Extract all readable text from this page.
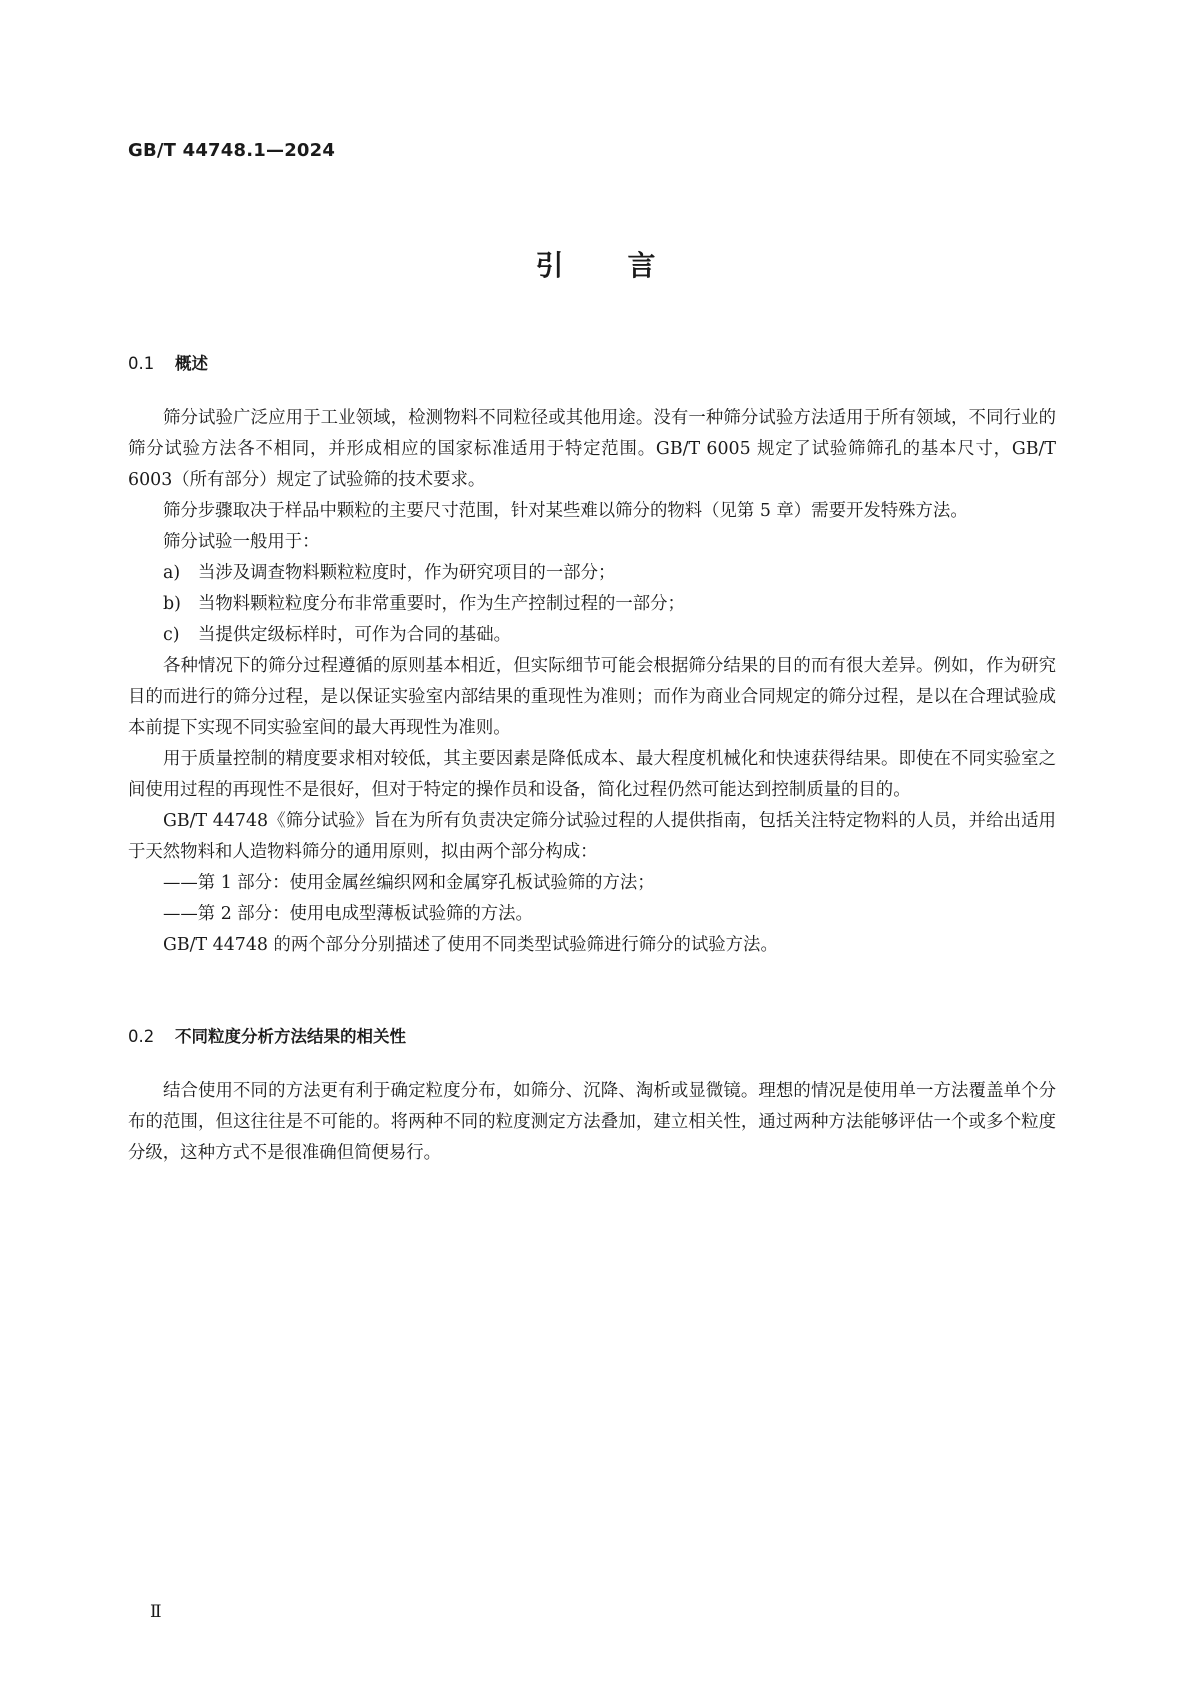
GB/T 44748.1—2024
引言
0.1 概述

筛分试验广泛应用于工业领域，检测物料不同粒径或其他用途。没有一种筛分试验方法适用于所有领域，不同行业的筛分试验方法各不相同，并形成相应的国家标准适用于特定范围。GB/T 6005 规定了试验筛筛孔的基本尺寸，GB/T 6003（所有部分）规定了试验筛的技术要求。

筛分步骤取决于样品中颗粒的主要尺寸范围，针对某些难以筛分的物料（见第 5 章）需要开发特殊方法。

筛分试验一般用于：

a) 当涉及调查物料颗粒粒度时，作为研究项目的一部分；
b) 当物料颗粒粒度分布非常重要时，作为生产控制过程的一部分；
c) 当提供定级标样时，可作为合同的基础。

各种情况下的筛分过程遵循的原则基本相近，但实际细节可能会根据筛分结果的目的而有很大差异。例如，作为研究目的而进行的筛分过程，是以保证实验室内部结果的重现性为准则；而作为商业合同规定的筛分过程，是以在合理试验成本前提下实现不同实验室间的最大再现性为准则。

用于质量控制的精度要求相对较低，其主要因素是降低成本、最大程度机械化和快速获得结果。即使在不同实验室之间使用过程的再现性不是很好，但对于特定的操作员和设备，简化过程仍然可能达到控制质量的目的。

GB/T 44748《筛分试验》旨在为所有负责决定筛分试验过程的人提供指南，包括关注特定物料的人员，并给出适用于天然物料和人造物料筛分的通用原则，拟由两个部分构成：

——第 1 部分：使用金属丝编织网和金属穿孔板试验筛的方法；
——第 2 部分：使用电成型薄板试验筛的方法。

GB/T 44748 的两个部分分别描述了使用不同类型试验筛进行筛分的试验方法。

0.2 不同粒度分析方法结果的相关性

结合使用不同的方法更有利于确定粒度分布，如筛分、沉降、淘析或显微镜。理想的情况是使用单一方法覆盖单个分布的范围，但这往往是不可能的。将两种不同的粒度测定方法叠加，建立相关性，通过两种方法能够评估一个或多个粒度分级，这种方式不是很准确但简便易行。

Ⅱ
